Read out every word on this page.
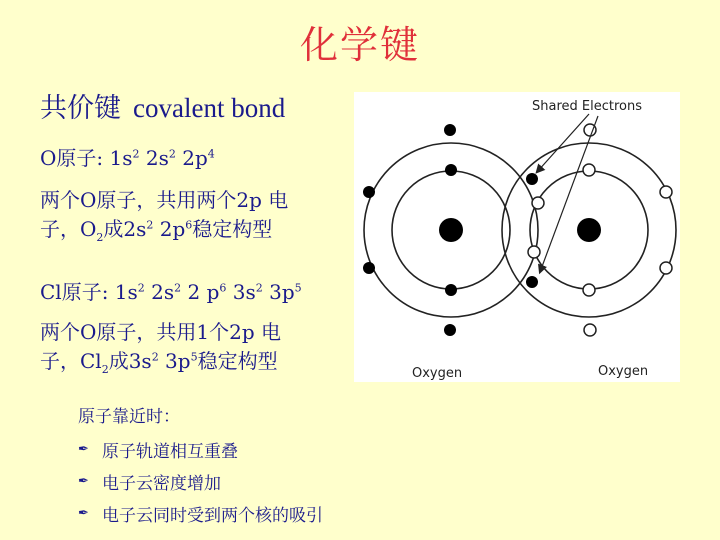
化学键
共价键 covalent bond
O原子: $1s^2$ $2s^2$ $2p^4$
两个O原子，共用两个2p 电
子，$O_2$成$2s^2$ $2p^6$稳定构型
Cl原子: $1s^2$ $2s^2$ 2 $p^6$ $3s^2$ $3p^5$
两个O原子，共用1个2p 电
子，$Cl_2$成$3s^2$ $3p^5$稳定构型
原子靠近时：
✒ 原子轨道相互重叠
✒ 电子云密度增加
✒ 电子云同时受到两个核的吸引
Shared Electrons
Oxygen	Oxygen
